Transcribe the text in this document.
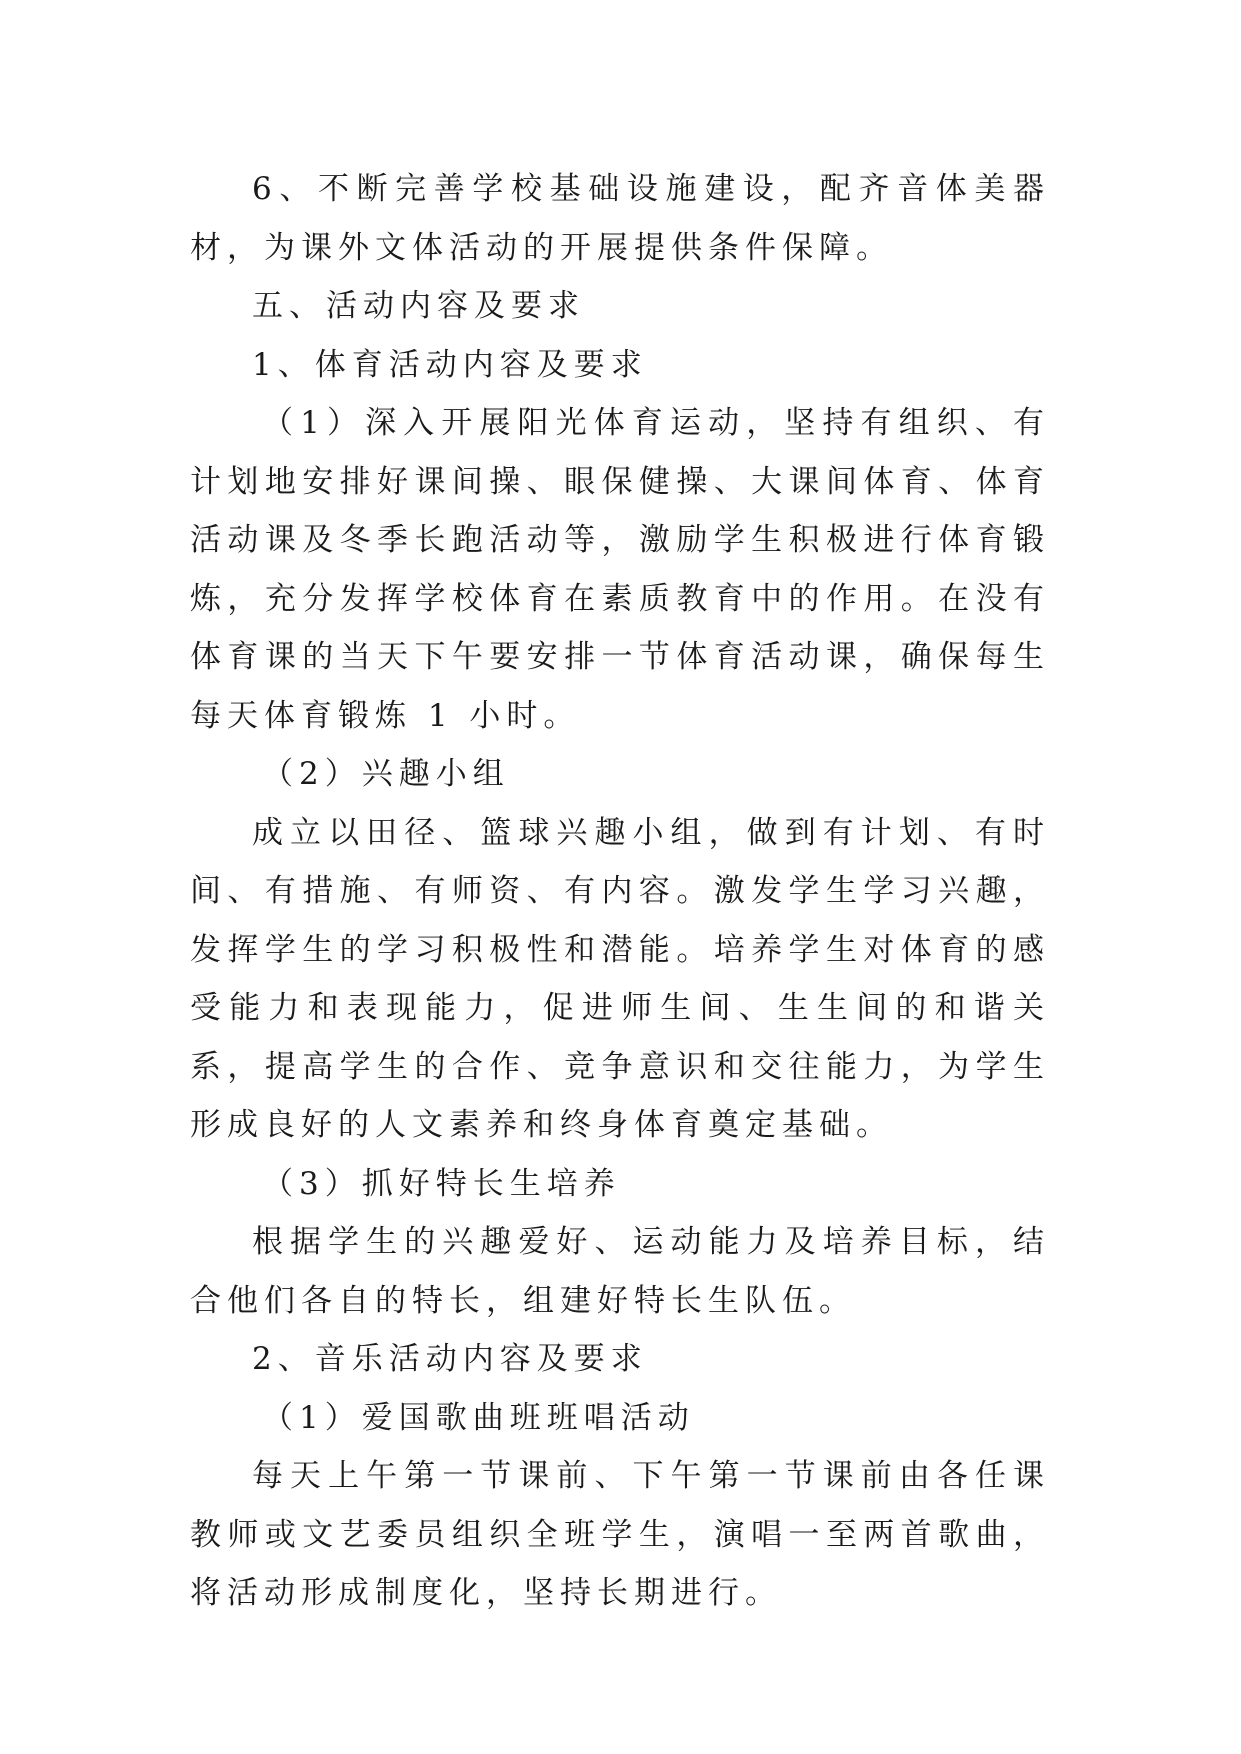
6、不断完善学校基础设施建设，配齐音体美器材，为课外文体活动的开展提供条件保障。

五、活动内容及要求

1、体育活动内容及要求

（1）深入开展阳光体育运动，坚持有组织、有计划地安排好课间操、眼保健操、大课间体育、体育活动课及冬季长跑活动等，激励学生积极进行体育锻炼，充分发挥学校体育在素质教育中的作用。在没有体育课的当天下午要安排一节体育活动课，确保每生每天体育锻炼 1 小时。

（2）兴趣小组

成立以田径、篮球兴趣小组，做到有计划、有时间、有措施、有师资、有内容。激发学生学习兴趣，发挥学生的学习积极性和潜能。培养学生对体育的感受能力和表现能力，促进师生间、生生间的和谐关系，提高学生的合作、竞争意识和交往能力，为学生形成良好的人文素养和终身体育奠定基础。

（3）抓好特长生培养

根据学生的兴趣爱好、运动能力及培养目标，结合他们各自的特长，组建好特长生队伍。

2、音乐活动内容及要求

（1）爱国歌曲班班唱活动

每天上午第一节课前、下午第一节课前由各任课教师或文艺委员组织全班学生，演唱一至两首歌曲，将活动形成制度化，坚持长期进行。
